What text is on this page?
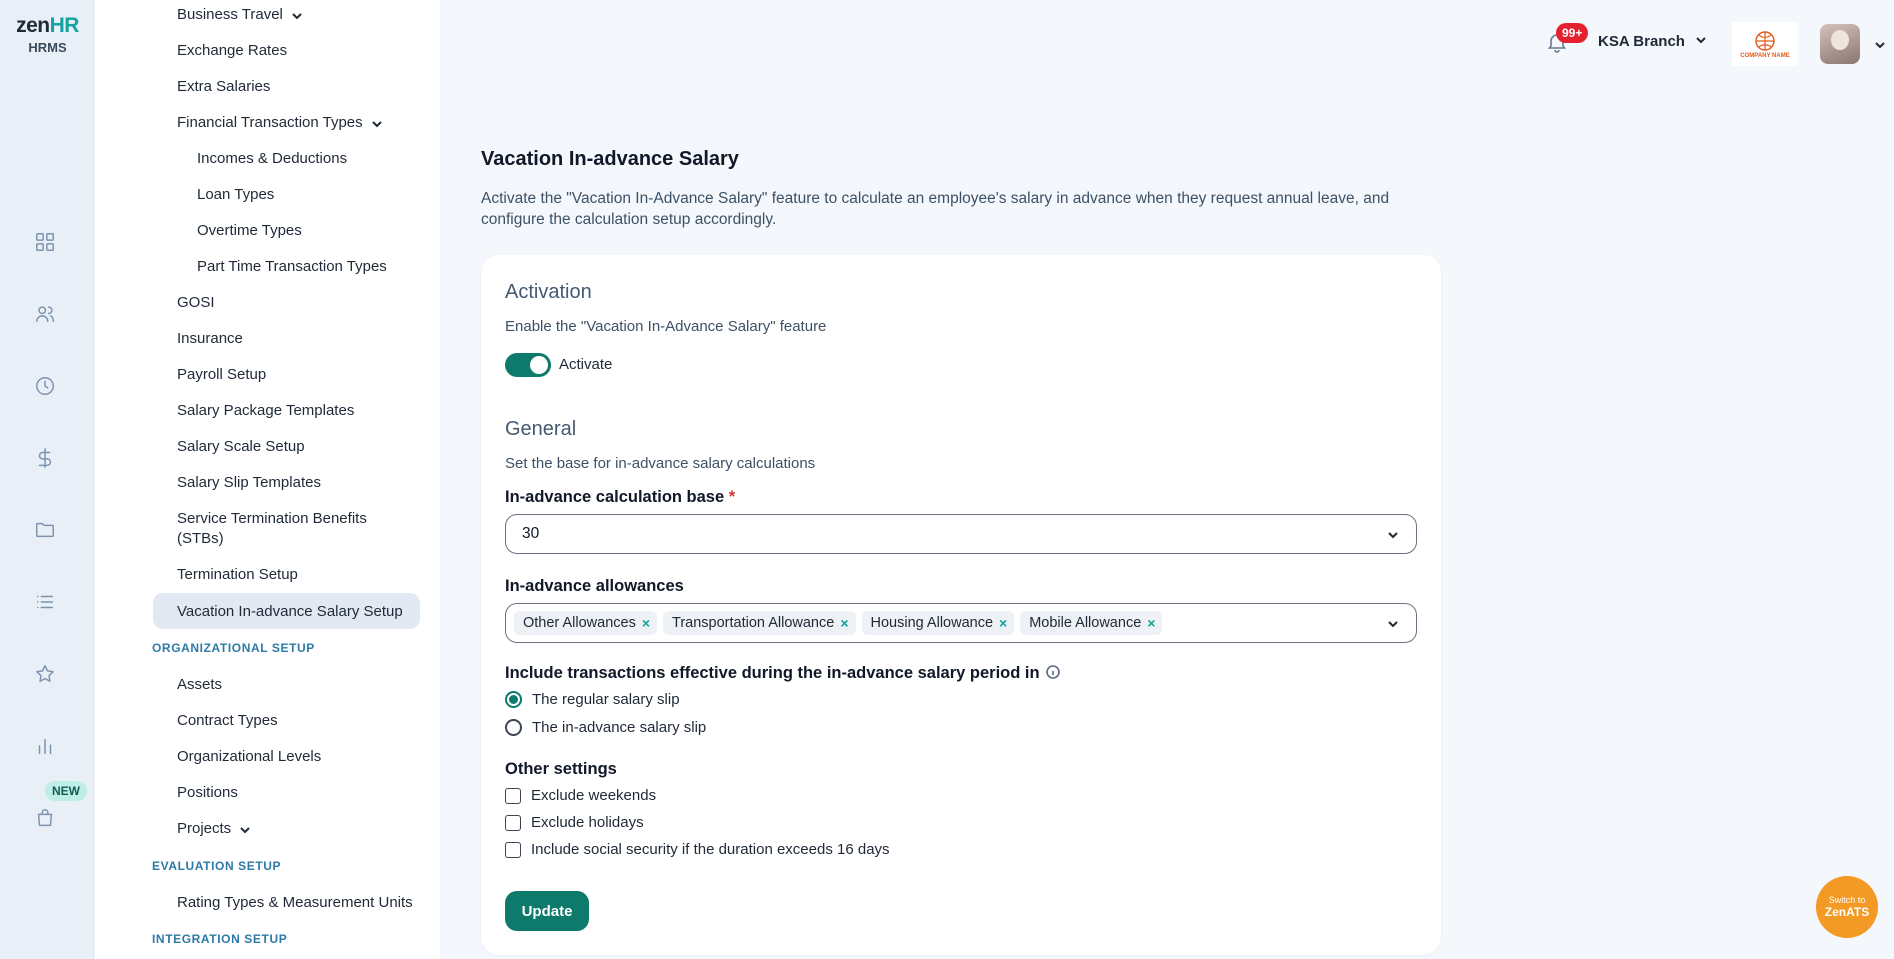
zenHR
HRMS
NEW
Business Travel
Exchange Rates
Extra Salaries
Financial Transaction Types
Incomes & Deductions
Loan Types
Overtime Types
Part Time Transaction Types
GOSI
Insurance
Payroll Setup
Salary Package Templates
Salary Scale Setup
Salary Slip Templates
Service Termination Benefits
(STBs)
Termination Setup
Vacation In-advance Salary Setup
ORGANIZATIONAL SETUP
Assets
Contract Types
Organizational Levels
Positions
Projects
EVALUATION SETUP
Rating Types & Measurement Units
INTEGRATION SETUP
99+	KSA Branch
COMPANY NAME
Vacation In-advance Salary
Activate the "Vacation In-Advance Salary" feature to calculate an employee's salary in advance when they request annual leave, and configure the calculation setup accordingly.
Activation
Enable the "Vacation In-Advance Salary" feature
Activate
General
Set the base for in-advance salary calculations
In-advance calculation base *
30
In-advance allowances
Other Allowances × Transportation Allowance × Housing Allowance × Mobile Allowance ×
Include transactions effective during the in-advance salary period in
The regular salary slip
The in-advance salary slip
Other settings
Exclude weekends
Exclude holidays
Include social security if the duration exceeds 16 days
Update
Switch to
ZenATS
